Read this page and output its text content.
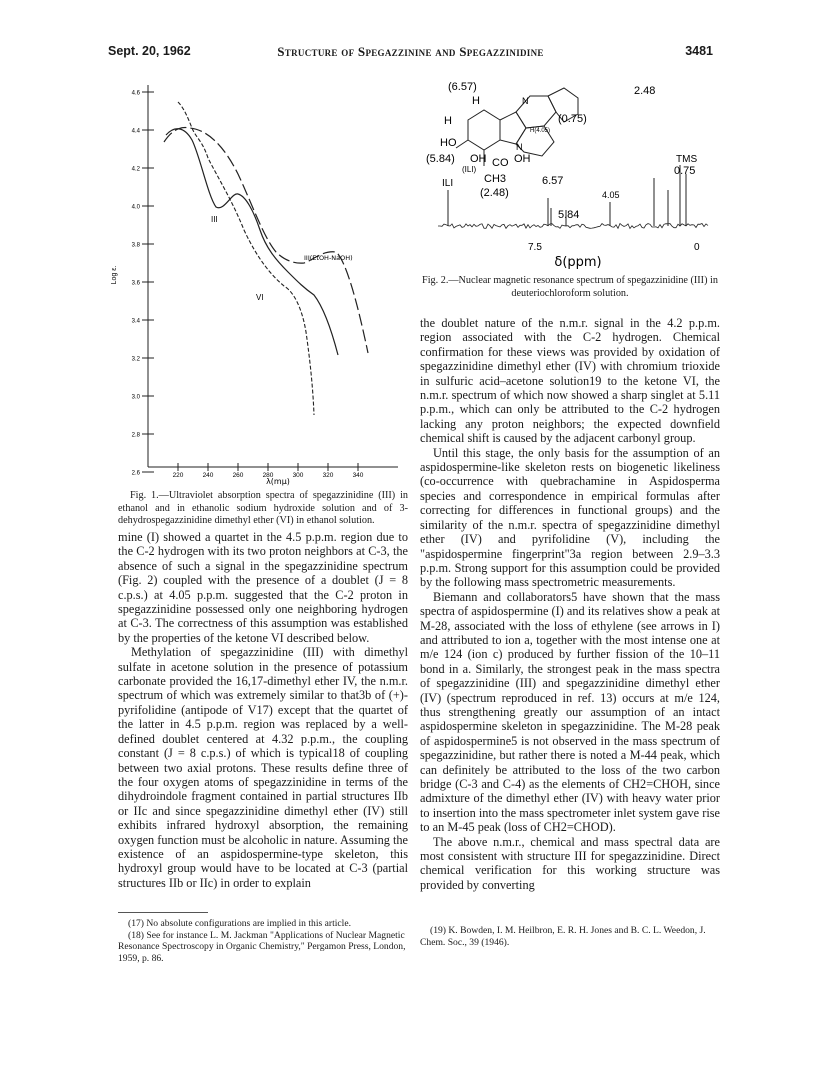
Sept. 20, 1962	Structure of Spegazzinine and Spegazzinidine	3481
4.6
4.4
4.2
4.0
3.8
3.6
3.4
3.2
3.0
2.8
2.6	220	240	260	280	300	320	340
Log ε.
λ(mμ)
III
III(EtOH-NaOH)
VI
Fig. 1.—Ultraviolet absorption spectra of spegazzinidine (III) in ethanol and in ethanolic sodium hydroxide solution and of 3-dehydrospegazzinidine dimethyl ether (VI) in ethanol solution.
(6.57)
H
H
N
N
H(4.05)
(0.75)
HO
(5.84) OH CO OH
(ILI)
CH3
(2.48)
ILI	6.57
5.84
4.05
2.48
TMS
0.75
7.5	0
δ(ppm)
Fig. 2.—Nuclear magnetic resonance spectrum of spegazzinidine (III) in deuteriochloroform solution.

mine (I) showed a quartet in the 4.5 p.p.m. region due to the C-2 hydrogen with its two proton neighbors at C-3, the absence of such a signal in the spegazzinidine spectrum (Fig. 2) coupled with the presence of a doublet (J = 8 c.p.s.) at 4.05 p.p.m. suggested that the C-2 proton in spegazzinidine possessed only one neighboring hydrogen at C-3. The correctness of this assumption was established by the properties of the ketone VI described below.

Methylation of spegazzinidine (III) with dimethyl sulfate in acetone solution in the presence of potassium carbonate provided the 16,17-dimethyl ether IV, the n.m.r. spectrum of which was extremely similar to that3b of (+)-pyrifolidine (antipode of V17) except that the quartet of the latter in 4.5 p.p.m. region was replaced by a well-defined doublet centered at 4.32 p.p.m., the coupling constant (J = 8 c.p.s.) of which is typical18 of coupling between two axial protons. These results define three of the four oxygen atoms of spegazzinidine in terms of the dihydroindole fragment contained in partial structures IIb or IIc and since spegazzinidine dimethyl ether (IV) still exhibits infrared hydroxyl absorption, the remaining oxygen function must be alcoholic in nature. Assuming the existence of an aspidospermine-type skeleton, this hydroxyl group would have to be located at C-3 (partial structures IIb or IIc) in order to explain

(17) No absolute configurations are implied in this article.

(18) See for instance L. M. Jackman "Applications of Nuclear Magnetic Resonance Spectroscopy in Organic Chemistry," Pergamon Press, London, 1959, p. 86.

the doublet nature of the n.m.r. signal in the 4.2 p.p.m. region associated with the C-2 hydrogen. Chemical confirmation for these views was provided by oxidation of spegazzinidine dimethyl ether (IV) with chromium trioxide in sulfuric acid–acetone solution19 to the ketone VI, the n.m.r. spectrum of which now showed a sharp singlet at 5.11 p.p.m., which can only be attributed to the C-2 hydrogen lacking any proton neighbors; the expected downfield chemical shift is caused by the adjacent carbonyl group.

Until this stage, the only basis for the assumption of an aspidospermine-like skeleton rests on biogenetic likeliness (co-occurrence with quebrachamine in Aspidosperma species and correspondence in empirical formulas after correcting for differences in functional groups) and the similarity of the n.m.r. spectra of spegazzinidine dimethyl ether (IV) and pyrifolidine (V), including the "aspidospermine fingerprint"3a region between 2.9–3.3 p.p.m. Strong support for this assumption could be provided by the following mass spectrometric measurements.

Biemann and collaborators5 have shown that the mass spectra of aspidospermine (I) and its relatives show a peak at M-28, associated with the loss of ethylene (see arrows in I) and attributed to ion a, together with the most intense one at m/e 124 (ion c) produced by further fission of the 10–11 bond in a. Similarly, the strongest peak in the mass spectra of spegazzinidine (III) and spegazzinidine dimethyl ether (IV) (spectrum reproduced in ref. 13) occurs at m/e 124, thus strengthening greatly our assumption of an intact aspidospermine skeleton in spegazzinidine. The M-28 peak of aspidospermine5 is not observed in the mass spectrum of spegazzinidine, but rather there is noted a M-44 peak, which can definitely be attributed to the loss of the two carbon bridge (C-3 and C-4) as the elements of CH2=CHOH, since admixture of the dimethyl ether (IV) with heavy water prior to insertion into the mass spectrometer inlet system gave rise to an M-45 peak (loss of CH2=CHOD).

The above n.m.r., chemical and mass spectral data are most consistent with structure III for spegazzinidine. Direct chemical verification for this working structure was provided by converting

(19) K. Bowden, I. M. Heilbron, E. R. H. Jones and B. C. L. Weedon, J. Chem. Soc., 39 (1946).
